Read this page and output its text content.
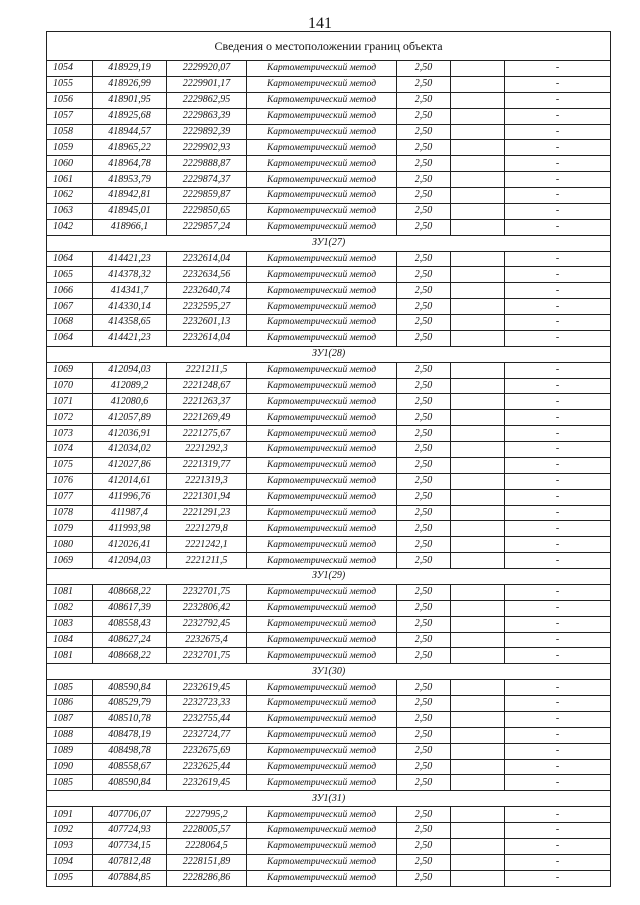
141
Сведения о местоположении границ объекта						
1054	418929,19	2229920,07	Картометрический метод	2,50		-
1055	418926,99	2229901,17	Картометрический метод	2,50		-
1056	418901,95	2229862,95	Картометрический метод	2,50		-
1057	418925,68	2229863,39	Картометрический метод	2,50		-
1058	418944,57	2229892,39	Картометрический метод	2,50		-
1059	418965,22	2229902,93	Картометрический метод	2,50		-
1060	418964,78	2229888,87	Картометрический метод	2,50		-
1061	418953,79	2229874,37	Картометрический метод	2,50		-
1062	418942,81	2229859,87	Картометрический метод	2,50		-
1063	418945,01	2229850,65	Картометрический метод	2,50		-
1042	418966,1	2229857,24	Картометрический метод	2,50		-
ЗУ1(27)						
1064	414421,23	2232614,04	Картометрический метод	2,50		-
1065	414378,32	2232634,56	Картометрический метод	2,50		-
1066	414341,7	2232640,74	Картометрический метод	2,50		-
1067	414330,14	2232595,27	Картометрический метод	2,50		-
1068	414358,65	2232601,13	Картометрический метод	2,50		-
1064	414421,23	2232614,04	Картометрический метод	2,50		-
ЗУ1(28)						
1069	412094,03	2221211,5	Картометрический метод	2,50		-
1070	412089,2	2221248,67	Картометрический метод	2,50		-
1071	412080,6	2221263,37	Картометрический метод	2,50		-
1072	412057,89	2221269,49	Картометрический метод	2,50		-
1073	412036,91	2221275,67	Картометрический метод	2,50		-
1074	412034,02	2221292,3	Картометрический метод	2,50		-
1075	412027,86	2221319,77	Картометрический метод	2,50		-
1076	412014,61	2221319,3	Картометрический метод	2,50		-
1077	411996,76	2221301,94	Картометрический метод	2,50		-
1078	411987,4	2221291,23	Картометрический метод	2,50		-
1079	411993,98	2221279,8	Картометрический метод	2,50		-
1080	412026,41	2221242,1	Картометрический метод	2,50		-
1069	412094,03	2221211,5	Картометрический метод	2,50		-
ЗУ1(29)						
1081	408668,22	2232701,75	Картометрический метод	2,50		-
1082	408617,39	2232806,42	Картометрический метод	2,50		-
1083	408558,43	2232792,45	Картометрический метод	2,50		-
1084	408627,24	2232675,4	Картометрический метод	2,50		-
1081	408668,22	2232701,75	Картометрический метод	2,50		-
ЗУ1(30)						
1085	408590,84	2232619,45	Картометрический метод	2,50		-
1086	408529,79	2232723,33	Картометрический метод	2,50		-
1087	408510,78	2232755,44	Картометрический метод	2,50		-
1088	408478,19	2232724,77	Картометрический метод	2,50		-
1089	408498,78	2232675,69	Картометрический метод	2,50		-
1090	408558,67	2232625,44	Картометрический метод	2,50		-
1085	408590,84	2232619,45	Картометрический метод	2,50		-
ЗУ1(31)						
1091	407706,07	2227995,2	Картометрический метод	2,50		-
1092	407724,93	2228005,57	Картометрический метод	2,50		-
1093	407734,15	2228064,5	Картометрический метод	2,50		-
1094	407812,48	2228151,89	Картометрический метод	2,50		-
1095	407884,85	2228286,86	Картометрический метод	2,50		-
